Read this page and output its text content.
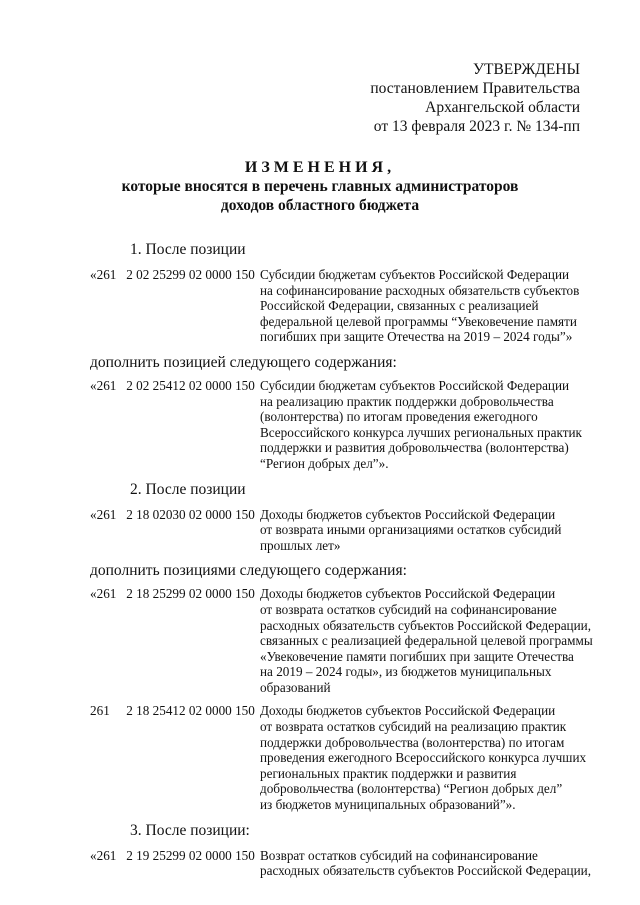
УТВЕРЖДЕНЫ
постановлением Правительства
Архангельской области
от 13 февраля 2023 г. № 134-пп
ИЗМЕНЕНИЯ,
которые вносятся в перечень главных администраторов
доходов областного бюджета
1. После позиции
«261   2 02 25299 02 0000 150 Субсидии бюджетам субъектов Российской Федерации
на софинансирование расходных обязательств субъектов
Российской Федерации, связанных с реализацией
федеральной целевой программы “Увековечение памяти
погибших при защите Отечества на 2019 – 2024 годы”»
дополнить позицией следующего содержания:
«261   2 02 25412 02 0000 150 Субсидии бюджетам субъектов Российской Федерации
на реализацию практик поддержки добровольчества
(волонтерства) по итогам проведения ежегодного
Всероссийского конкурса лучших региональных практик
поддержки и развития добровольчества (волонтерства)
“Регион добрых дел”».
2. После позиции
«261   2 18 02030 02 0000 150 Доходы бюджетов субъектов Российской Федерации
от возврата иными организациями остатков субсидий
прошлых лет»
дополнить позициями следующего содержания:
«261   2 18 25299 02 0000 150 Доходы бюджетов субъектов Российской Федерации
от возврата остатков субсидий на софинансирование
расходных обязательств субъектов Российской Федерации,
связанных с реализацией федеральной целевой программы
«Увековечение памяти погибших при защите Отечества
на 2019 – 2024 годы», из бюджетов муниципальных
образований
261     2 18 25412 02 0000 150 Доходы бюджетов субъектов Российской Федерации
от возврата остатков субсидий на реализацию практик
поддержки добровольчества (волонтерства) по итогам
проведения ежегодного Всероссийского конкурса лучших
региональных практик поддержки и развития
добровольчества (волонтерства) “Регион добрых дел”
из бюджетов муниципальных образований”».
3. После позиции:
«261   2 19 25299 02 0000 150 Возврат остатков субсидий на софинансирование
расходных обязательств субъектов Российской Федерации,
